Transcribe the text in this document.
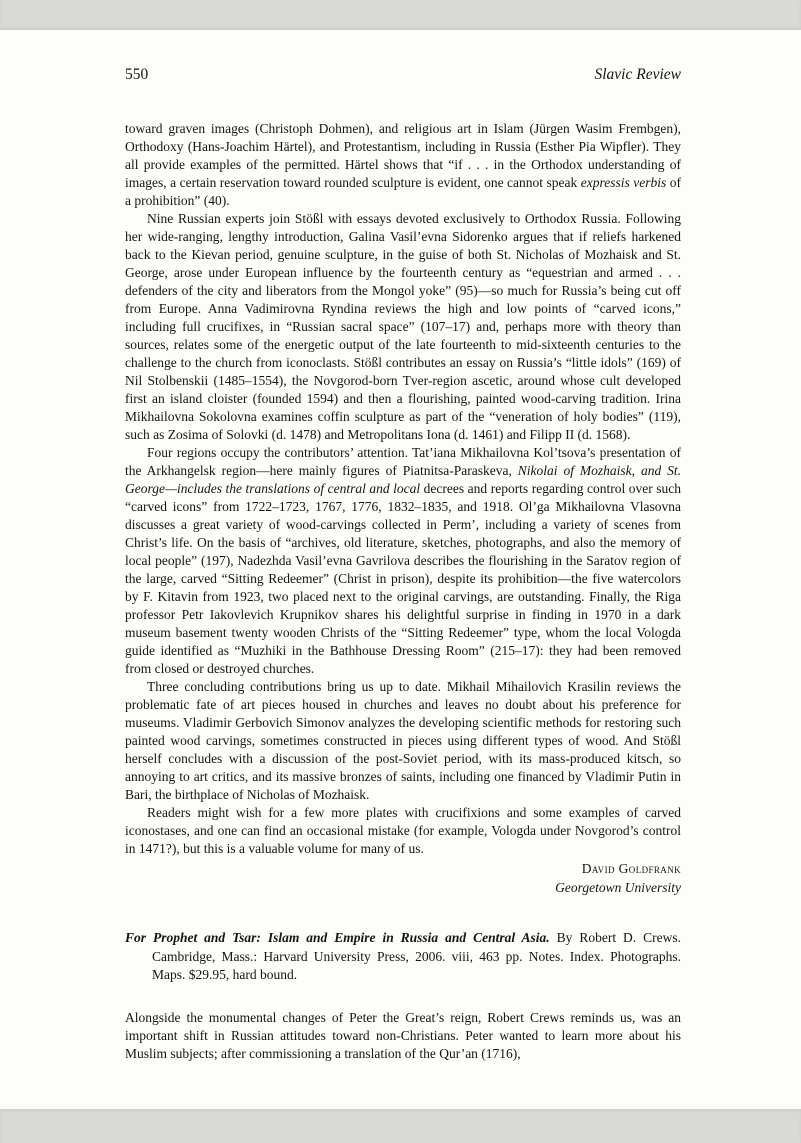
550	Slavic Review

toward graven images (Christoph Dohmen), and religious art in Islam (Jürgen Wasim Frembgen), Orthodoxy (Hans-Joachim Härtel), and Protestantism, including in Russia (Esther Pia Wipfler). They all provide examples of the permitted. Härtel shows that “if . . . in the Orthodox understanding of images, a certain reservation toward rounded sculpture is evident, one cannot speak expressis verbis of a prohibition” (40).

Nine Russian experts join Stößl with essays devoted exclusively to Orthodox Russia. Following her wide-ranging, lengthy introduction, Galina Vasil’evna Sidorenko argues that if reliefs harkened back to the Kievan period, genuine sculpture, in the guise of both St. Nicholas of Mozhaisk and St. George, arose under European influence by the fourteenth century as “equestrian and armed . . . defenders of the city and liberators from the Mongol yoke” (95)—so much for Russia’s being cut off from Europe. Anna Vadimirovna Ryndina reviews the high and low points of “carved icons,” including full crucifixes, in “Russian sacral space” (107–17) and, perhaps more with theory than sources, relates some of the energetic output of the late fourteenth to mid-sixteenth centuries to the challenge to the church from iconoclasts. Stößl contributes an essay on Russia’s “little idols” (169) of Nil Stolbenskii (1485–1554), the Novgorod-born Tver-region ascetic, around whose cult developed first an island cloister (founded 1594) and then a flourishing, painted wood-carving tradition. Irina Mikhailovna Sokolovna examines coffin sculpture as part of the “veneration of holy bodies” (119), such as Zosima of Solovki (d. 1478) and Metropolitans Iona (d. 1461) and Filipp II (d. 1568).

Four regions occupy the contributors’ attention. Tat’iana Mikhailovna Kol’tsova’s presentation of the Arkhangelsk region—here mainly figures of Piatnitsa-Paraskeva, Nikolai of Mozhaisk, and St. George—includes the translations of central and local decrees and reports regarding control over such “carved icons” from 1722–1723, 1767, 1776, 1832–1835, and 1918. Ol’ga Mikhailovna Vlasovna discusses a great variety of wood-carvings collected in Perm’, including a variety of scenes from Christ’s life. On the basis of “archives, old literature, sketches, photographs, and also the memory of local people” (197), Nadezhda Vasil’evna Gavrilova describes the flourishing in the Saratov region of the large, carved “Sitting Redeemer” (Christ in prison), despite its prohibition—the five watercolors by F. Kitavin from 1923, two placed next to the original carvings, are outstanding. Finally, the Riga professor Petr Iakovlevich Krupnikov shares his delightful surprise in finding in 1970 in a dark museum basement twenty wooden Christs of the “Sitting Redeemer” type, whom the local Vologda guide identified as “Muzhiki in the Bathhouse Dressing Room” (215–17): they had been removed from closed or destroyed churches.

Three concluding contributions bring us up to date. Mikhail Mihailovich Krasilin reviews the problematic fate of art pieces housed in churches and leaves no doubt about his preference for museums. Vladimir Gerbovich Simonov analyzes the developing scientific methods for restoring such painted wood carvings, sometimes constructed in pieces using different types of wood. And Stößl herself concludes with a discussion of the post-Soviet period, with its mass-produced kitsch, so annoying to art critics, and its massive bronzes of saints, including one financed by Vladimir Putin in Bari, the birthplace of Nicholas of Mozhaisk.

Readers might wish for a few more plates with crucifixions and some examples of carved iconostases, and one can find an occasional mistake (for example, Vologda under Novgorod’s control in 1471?), but this is a valuable volume for many of us.

David Goldfrank
Georgetown University

For Prophet and Tsar: Islam and Empire in Russia and Central Asia. By Robert D. Crews. Cambridge, Mass.: Harvard University Press, 2006. viii, 463 pp. Notes. Index. Photographs. Maps. $29.95, hard bound.

Alongside the monumental changes of Peter the Great’s reign, Robert Crews reminds us, was an important shift in Russian attitudes toward non-Christians. Peter wanted to learn more about his Muslim subjects; after commissioning a translation of the Qur’an (1716),
